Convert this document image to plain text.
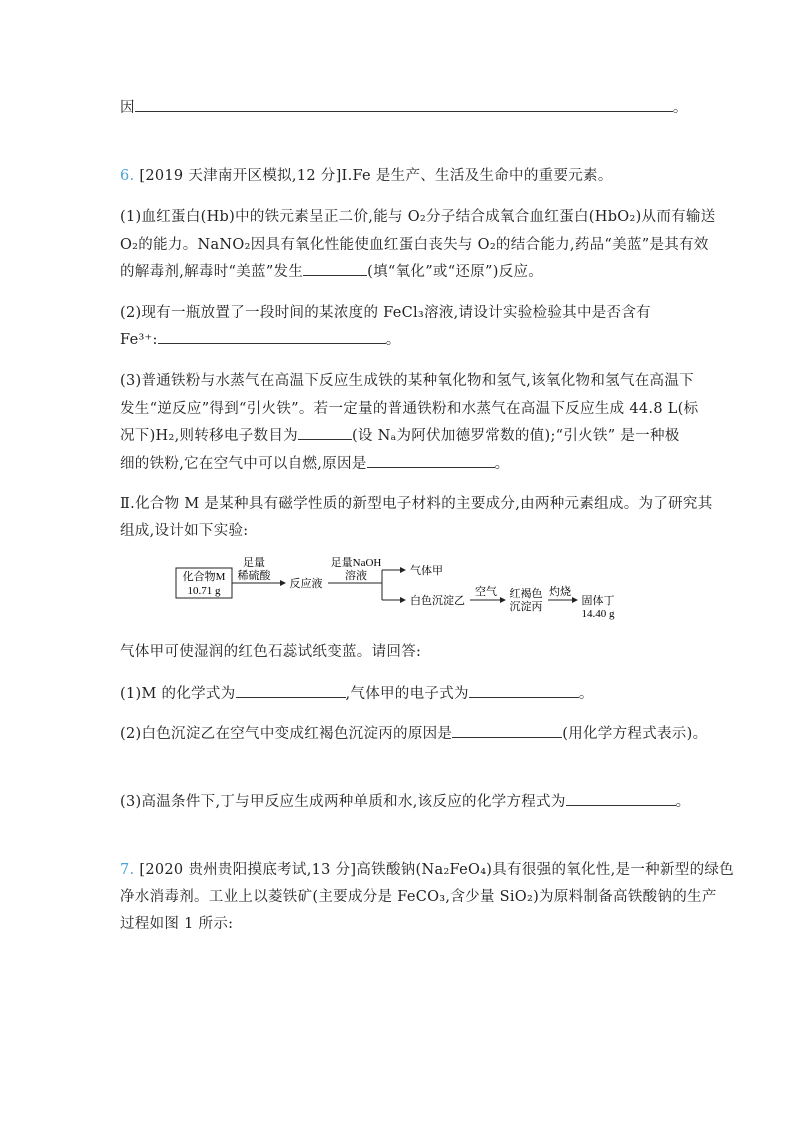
因	。
6. [2019 天津南开区模拟,12 分]Ⅰ.Fe 是生产、生活及生命中的重要元素。
(1)血红蛋白(Hb)中的铁元素呈正二价,能与 O₂分子结合成氧合血红蛋白(HbO₂)从而有输送
O₂的能力。NaNO₂因具有氧化性能使血红蛋白丧失与 O₂的结合能力,药品“美蓝”是其有效
的解毒剂,解毒时“美蓝”发生	(填“氧化”或“还原”)反应。
(2)现有一瓶放置了一段时间的某浓度的 FeCl₃溶液,请设计实验检验其中是否含有
Fe³⁺:	。
(3)普通铁粉与水蒸气在高温下反应生成铁的某种氧化物和氢气,该氧化物和氢气在高温下
发生“逆反应”得到“引火铁”。若一定量的普通铁粉和水蒸气在高温下反应生成 44.8 L(标
况下)H₂,则转移电子数目为	(设 Nₐ为阿伏加德罗常数的值);“引火铁” 是一种极
细的铁粉,它在空气中可以自燃,原因是	。
Ⅱ.化合物 M 是某种具有磁学性质的新型电子材料的主要成分,由两种元素组成。为了研究其
组成,设计如下实验:
化合物M
10.71 g
足量
稀硫酸
反应液
足量NaOH
溶液	气体甲
白色沉淀乙
空气 红褐色
沉淀丙
灼烧
固体丁
14.40 g
气体甲可使湿润的红色石蕊试纸变蓝。请回答:
(1)M 的化学式为	,气体甲的电子式为	。
(2)白色沉淀乙在空气中变成红褐色沉淀丙的原因是	(用化学方程式表示)。
(3)高温条件下,丁与甲反应生成两种单质和水,该反应的化学方程式为	。
7. [2020 贵州贵阳摸底考试,13 分]高铁酸钠(Na₂FeO₄)具有很强的氧化性,是一种新型的绿色
净水消毒剂。工业上以菱铁矿(主要成分是 FeCO₃,含少量 SiO₂)为原料制备高铁酸钠的生产
过程如图 1 所示:
